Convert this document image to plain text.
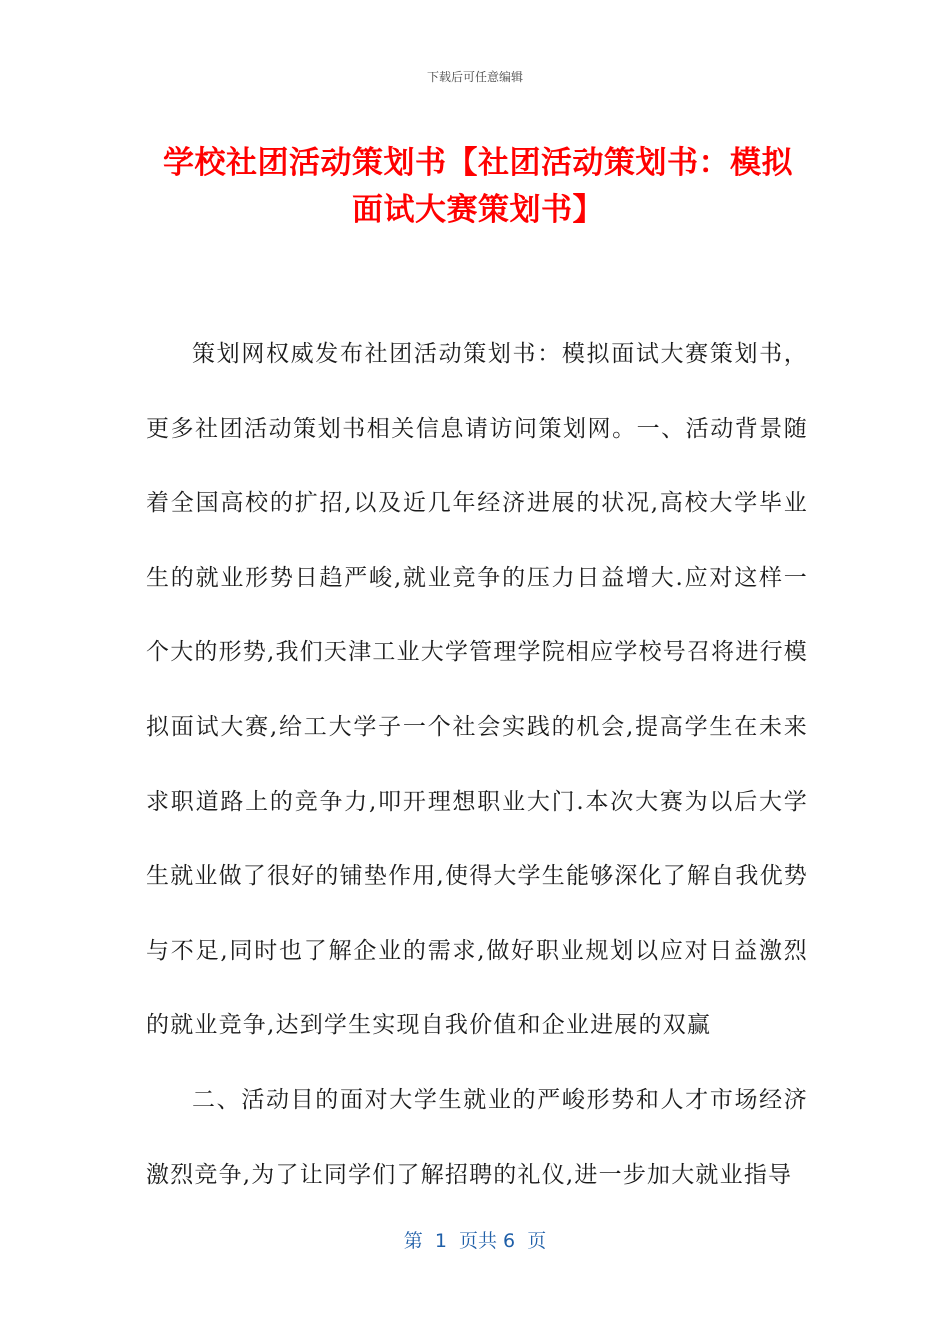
下载后可任意编辑
学校社团活动策划书【社团活动策划书：模拟面试大赛策划书】

策划网权威发布社团活动策划书：模拟面试大赛策划书，更多社团活动策划书相关信息请访问策划网。一、活动背景随着全国高校的扩招,以及近几年经济进展的状况,高校大学毕业生的就业形势日趋严峻,就业竞争的压力日益增大.应对这样一个大的形势,我们天津工业大学管理学院相应学校号召将进行模拟面试大赛,给工大学子一个社会实践的机会,提高学生在未来求职道路上的竞争力,叩开理想职业大门.本次大赛为以后大学生就业做了很好的铺垫作用,使得大学生能够深化了解自我优势与不足,同时也了解企业的需求,做好职业规划以应对日益激烈的就业竞争,达到学生实现自我价值和企业进展的双赢

二、活动目的面对大学生就业的严峻形势和人才市场经济激烈竞争,为了让同学们了解招聘的礼仪,进一步加大就业指导

第  1  页共 6  页
